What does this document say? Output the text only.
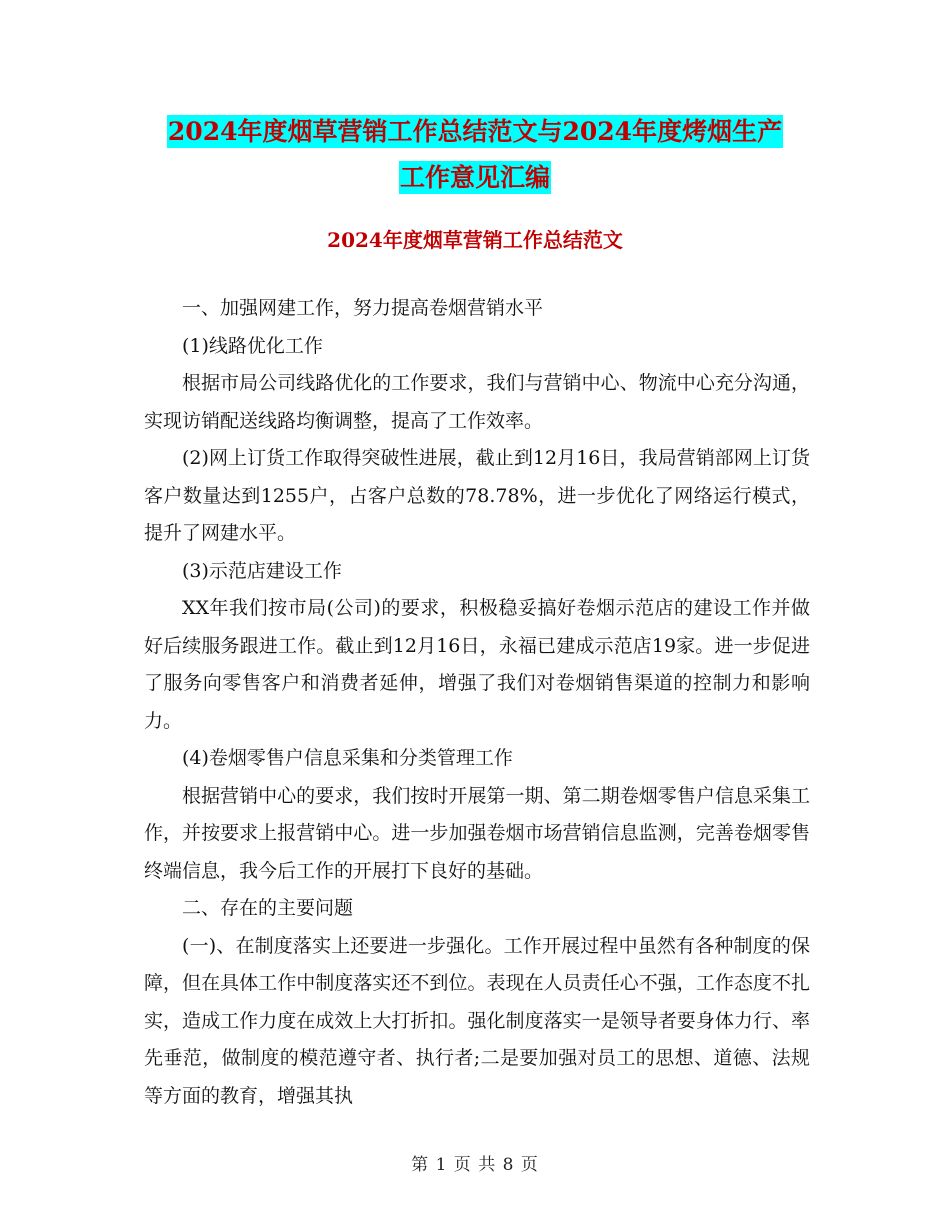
2024年度烟草营销工作总结范文与2024年度烤烟生产
工作意见汇编
2024年度烟草营销工作总结范文

一、加强网建工作，努力提高卷烟营销水平

(1)线路优化工作

根据市局公司线路优化的工作要求，我们与营销中心、物流中心充分沟通，实现访销配送线路均衡调整，提高了工作效率。

(2)网上订货工作取得突破性进展，截止到12月16日，我局营销部网上订货客户数量达到1255户，占客户总数的78.78%，进一步优化了网络运行模式，提升了网建水平。

(3)示范店建设工作

XX年我们按市局(公司)的要求，积极稳妥搞好卷烟示范店的建设工作并做好后续服务跟进工作。截止到12月16日，永福已建成示范店19家。进一步促进了服务向零售客户和消费者延伸，增强了我们对卷烟销售渠道的控制力和影响力。

(4)卷烟零售户信息采集和分类管理工作

根据营销中心的要求，我们按时开展第一期、第二期卷烟零售户信息采集工作，并按要求上报营销中心。进一步加强卷烟市场营销信息监测，完善卷烟零售终端信息，我今后工作的开展打下良好的基础。

二、存在的主要问题

(一)、在制度落实上还要进一步强化。工作开展过程中虽然有各种制度的保障，但在具体工作中制度落实还不到位。表现在人员责任心不强，工作态度不扎实，造成工作力度在成效上大打折扣。强化制度落实一是领导者要身体力行、率先垂范，做制度的模范遵守者、执行者;二是要加强对员工的思想、道德、法规等方面的教育，增强其执

第 1 页 共 8 页
